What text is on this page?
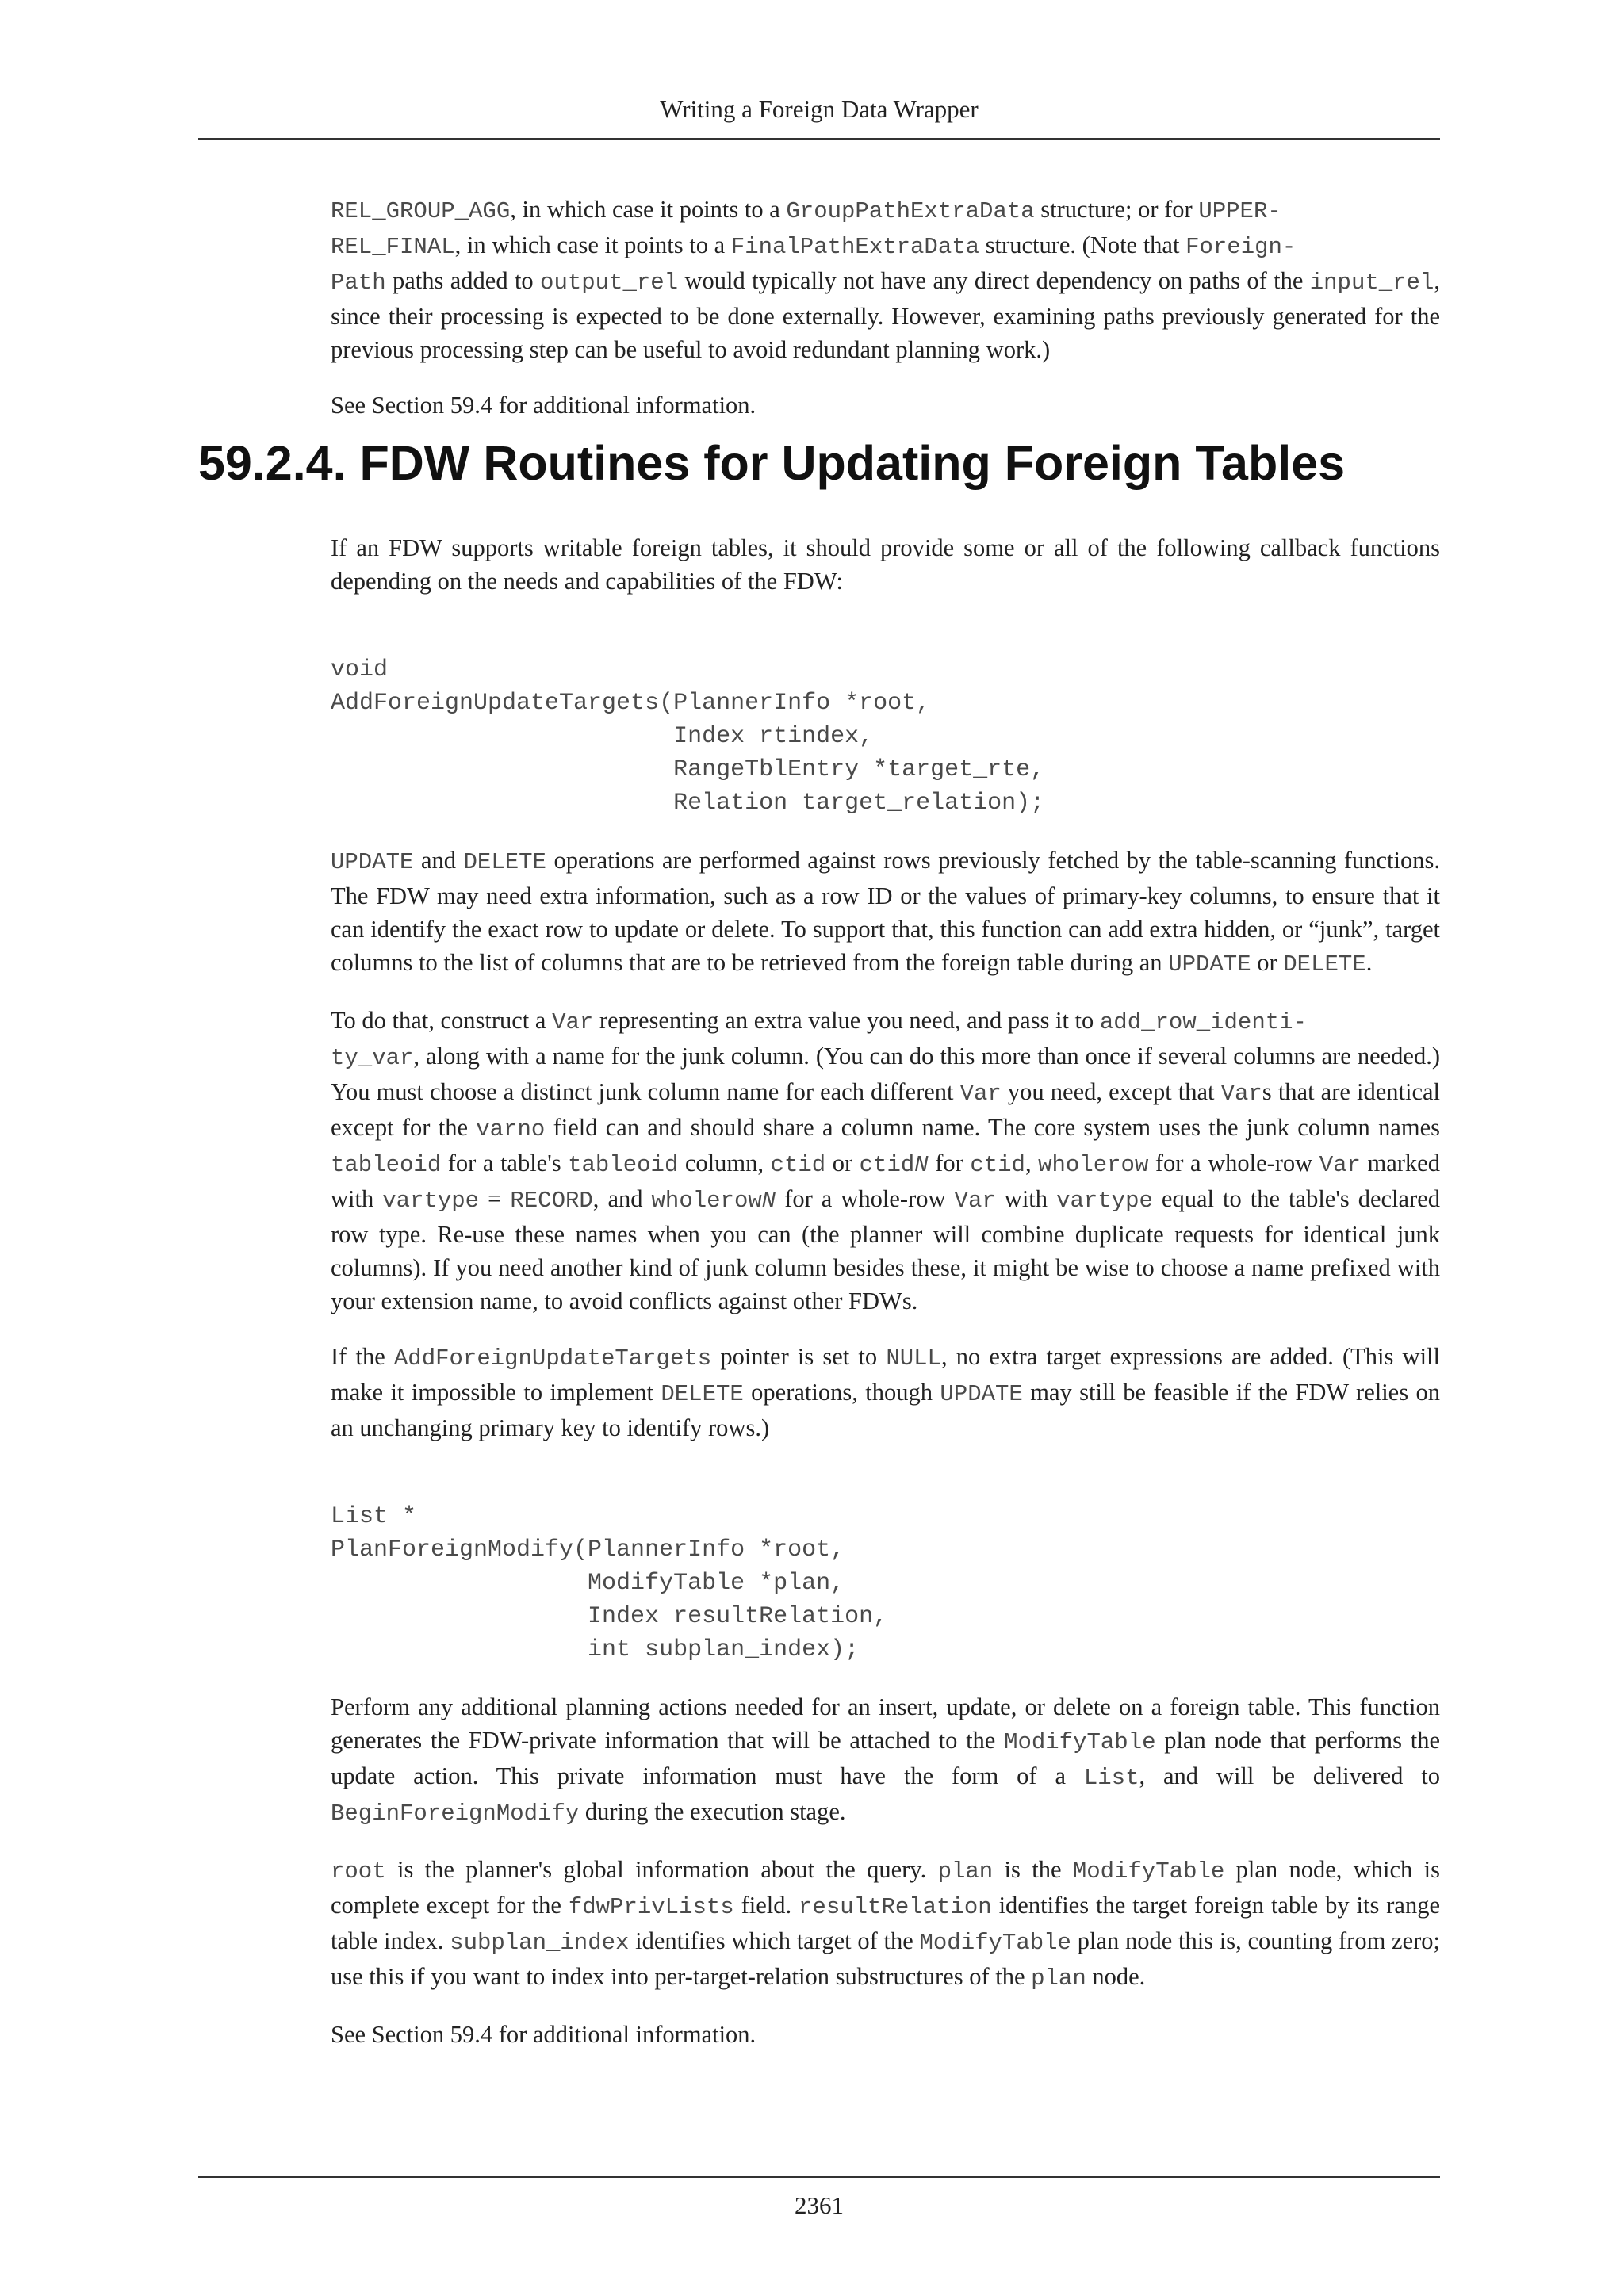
Writing a Foreign Data Wrapper
59.2.4. FDW Routines for Updating Foreign Tables

REL_GROUP_AGG, in which case it points to a GroupPathExtraData structure; or for UPPER-
REL_FINAL, in which case it points to a FinalPathExtraData structure. (Note that Foreign-
Path paths added to output_rel would typically not have any direct dependency on paths of the input_rel, since their processing is expected to be done externally. However, examining paths previously generated for the previous processing step can be useful to avoid redundant planning work.)

See Section 59.4 for additional information.

If an FDW supports writable foreign tables, it should provide some or all of the following callback functions depending on the needs and capabilities of the FDW:

void
AddForeignUpdateTargets(PlannerInfo *root,
Index rtindex,
RangeTblEntry *target_rte,
Relation target_relation);

UPDATE and DELETE operations are performed against rows previously fetched by the table-scanning functions. The FDW may need extra information, such as a row ID or the values of primary-key columns, to ensure that it can identify the exact row to update or delete. To support that, this function can add extra hidden, or “junk”, target columns to the list of columns that are to be retrieved from the foreign table during an UPDATE or DELETE.

To do that, construct a Var representing an extra value you need, and pass it to add_row_identi-
ty_var, along with a name for the junk column. (You can do this more than once if several columns are needed.) You must choose a distinct junk column name for each different Var you need, except that Vars that are identical except for the varno field can and should share a column name. The core system uses the junk column names tableoid for a table's tableoid column, ctid or ctidN for ctid, wholerow for a whole-row Var marked with vartype = RECORD, and wholerowN for a whole-row Var with vartype equal to the table's declared row type. Re-use these names when you can (the planner will combine duplicate requests for identical junk columns). If you need another kind of junk column besides these, it might be wise to choose a name prefixed with your extension name, to avoid conflicts against other FDWs.

If the AddForeignUpdateTargets pointer is set to NULL, no extra target expressions are added. (This will make it impossible to implement DELETE operations, though UPDATE may still be feasible if the FDW relies on an unchanging primary key to identify rows.)

List *
PlanForeignModify(PlannerInfo *root,
ModifyTable *plan,
Index resultRelation,
int subplan_index);

Perform any additional planning actions needed for an insert, update, or delete on a foreign table. This function generates the FDW-private information that will be attached to the ModifyTable plan node that performs the update action. This private information must have the form of a List, and will be delivered to BeginForeignModify during the execution stage.

root is the planner's global information about the query. plan is the ModifyTable plan node, which is complete except for the fdwPrivLists field. resultRelation identifies the target foreign table by its range table index. subplan_index identifies which target of the ModifyTable plan node this is, counting from zero; use this if you want to index into per-target-relation substructures of the plan node.

See Section 59.4 for additional information.

2361
